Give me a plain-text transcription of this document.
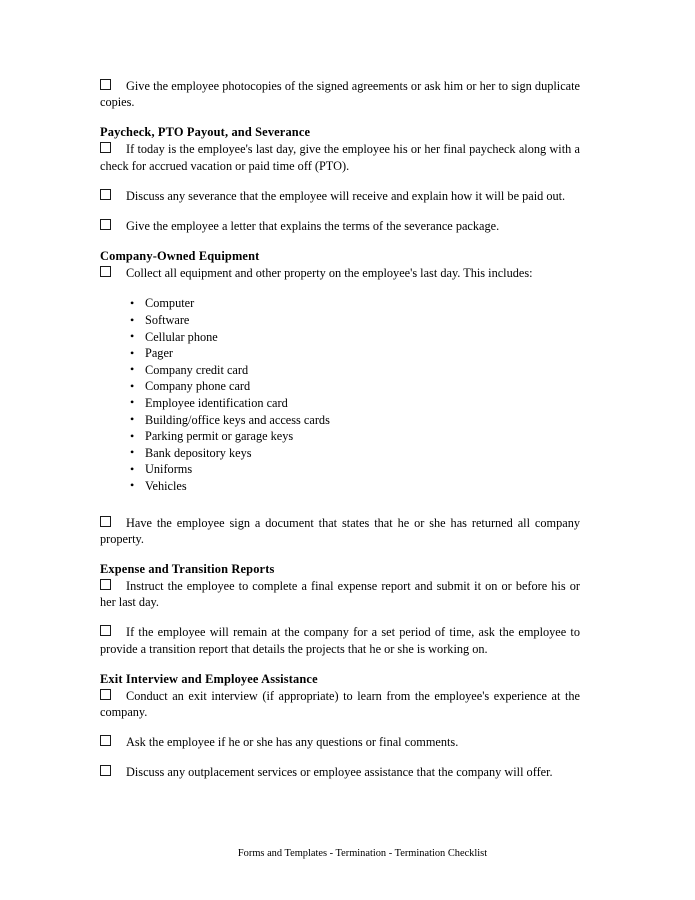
Give the employee photocopies of the signed agreements or ask him or her to sign duplicate copies.

Paycheck, PTO Payout, and Severance

If today is the employee's last day, give the employee his or her final paycheck along with a check for accrued vacation or paid time off (PTO).

Discuss any severance that the employee will receive and explain how it will be paid out.

Give the employee a letter that explains the terms of the severance package.

Company-Owned Equipment

Collect all equipment and other property on the employee's last day. This includes:

• Computer
• Software
• Cellular phone
• Pager
• Company credit card
• Company phone card
• Employee identification card
• Building/office keys and access cards
• Parking permit or garage keys
• Bank depository keys
• Uniforms
• Vehicles

Have the employee sign a document that states that he or she has returned all company property.

Expense and Transition Reports

Instruct the employee to complete a final expense report and submit it on or before his or her last day.

If the employee will remain at the company for a set period of time, ask the employee to provide a transition report that details the projects that he or she is working on.

Exit Interview and Employee Assistance

Conduct an exit interview (if appropriate) to learn from the employee's experience at the company.

Ask the employee if he or she has any questions or final comments.

Discuss any outplacement services or employee assistance that the company will offer.

Forms and Templates - Termination - Termination Checklist
